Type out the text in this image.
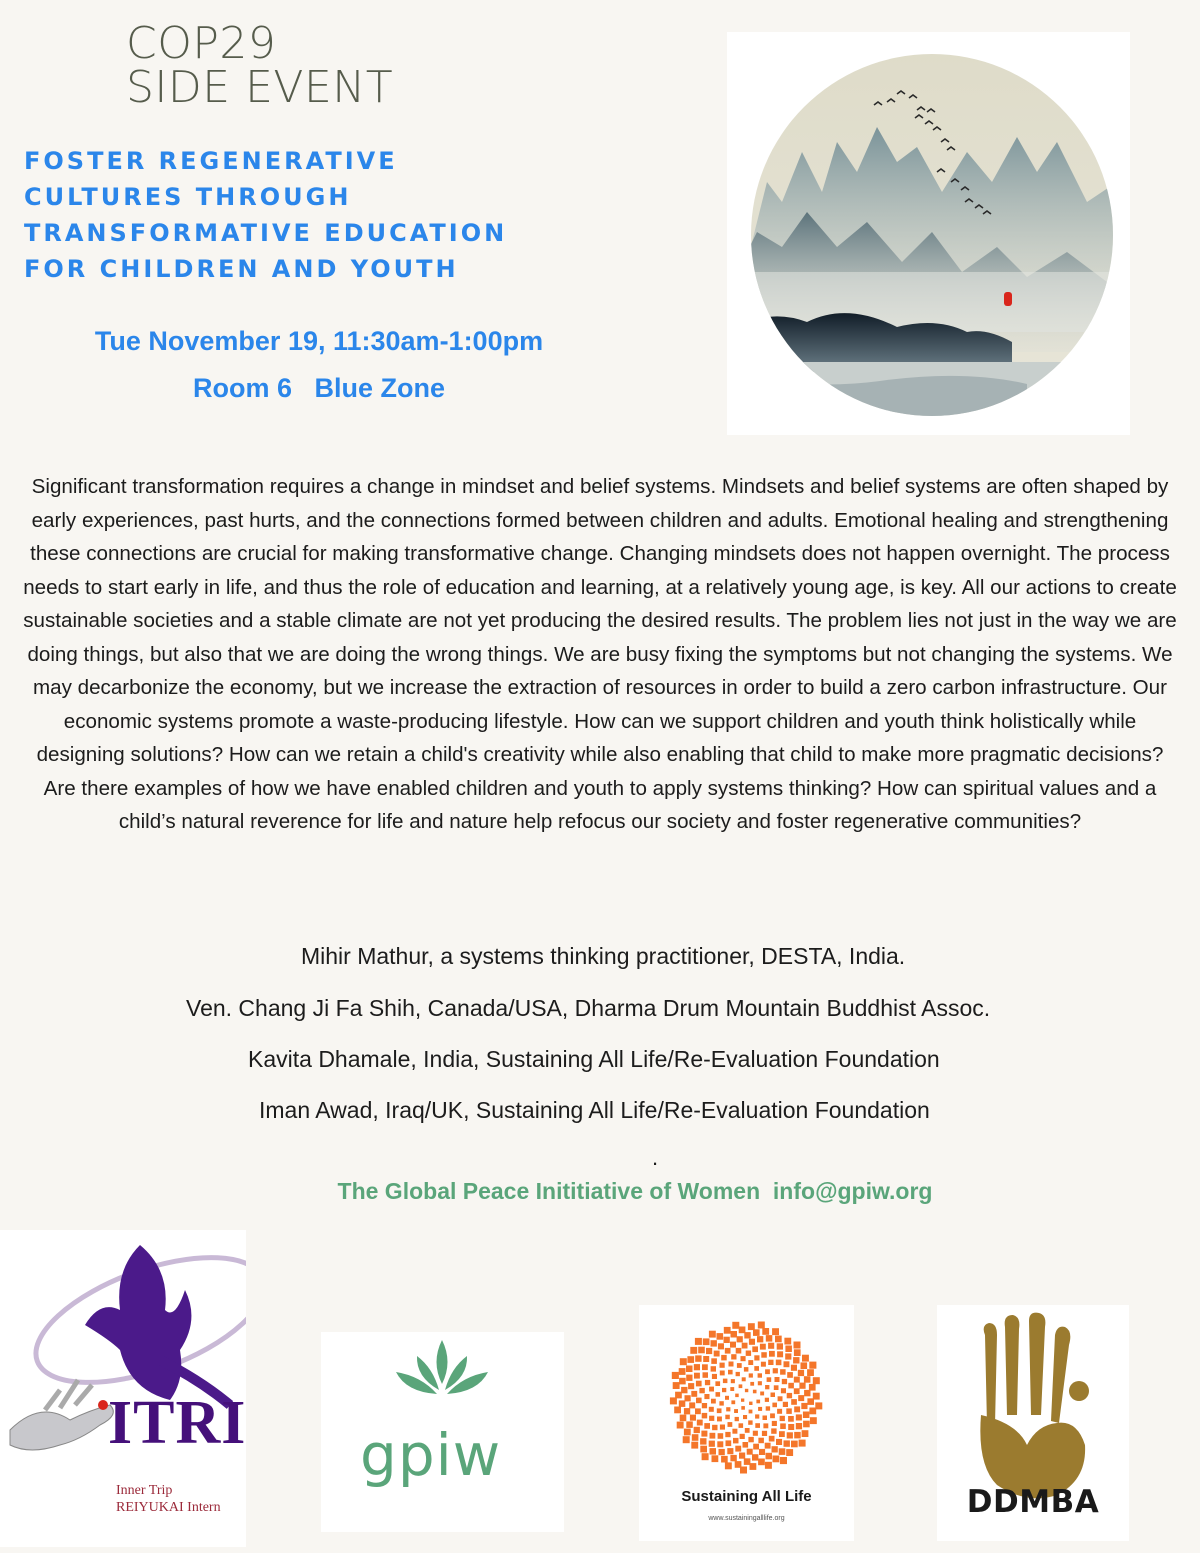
COP29
SIDE EVENT
FOSTER REGENERATIVE
CULTURES THROUGH
TRANSFORMATIVE EDUCATION
FOR CHILDREN AND YOUTH
Tue November 19, 11:30am-1:00pm
Room 6   Blue Zone
Significant transformation requires a change in mindset and belief systems. Mindsets and belief systems are often shaped by early experiences, past hurts, and the connections formed between children and adults. Emotional healing and strengthening these connections are crucial for making transformative change. Changing mindsets does not happen overnight. The process needs to start early in life, and thus the role of education and learning, at a relatively young age, is key. All our actions to create sustainable societies and a stable climate are not yet producing the desired results. The problem lies not just in the way we are doing things, but also that we are doing the wrong things. We are busy fixing the symptoms but not changing the systems. We may decarbonize the economy, but we increase the extraction of resources in order to build a zero carbon infrastructure. Our economic systems promote a waste-producing lifestyle. How can we support children and youth think holistically while designing solutions? How can we retain a child's creativity while also enabling that child to make more pragmatic decisions? Are there examples of how we have enabled children and youth to apply systems thinking? How can spiritual values and a child’s natural reverence for life and nature help refocus our society and foster regenerative communities?
Mihir Mathur, a systems thinking practitioner, DESTA, India.
Ven. Chang Ji Fa Shih, Canada/USA, Dharma Drum Mountain Buddhist Assoc.
Kavita Dhamale, India, Sustaining All Life/Re-Evaluation Foundation
Iman Awad, Iraq/UK, Sustaining All Life/Re-Evaluation Foundation
.
The Global Peace Inititiative of Women info@gpiw.org
ITRI
Inner Trip
REIYUKAI Intern
gpiw
Sustaining All Life
www.sustainingalllife.org	DDMBA
